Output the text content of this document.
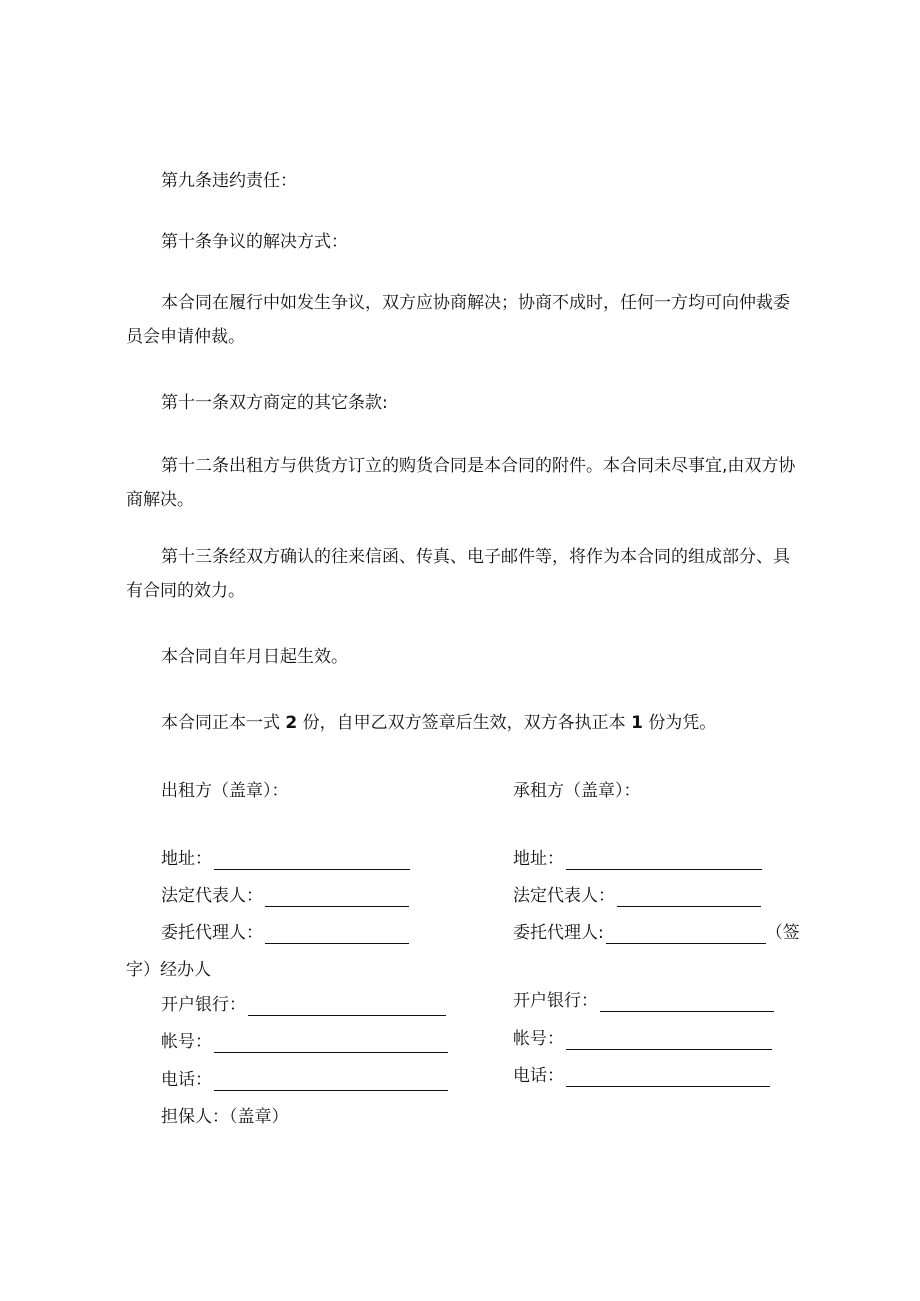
第九条违约责任：
第十条争议的解决方式：
本合同在履行中如发生争议，双方应协商解决；协商不成时，任何一方均可向仲裁委员会申请仲裁。
第十一条双方商定的其它条款:
第十二条出租方与供货方订立的购货合同是本合同的附件。本合同未尽事宜,由双方协商解决。
第十三条经双方确认的往来信函、传真、电子邮件等，将作为本合同的组成部分、具有合同的效力。
本合同自年月日起生效。
本合同正本一式 2 份，自甲乙双方签章后生效，双方各执正本 1 份为凭。
出租方（盖章）：	承租方（盖章）：
地址：	地址：
法定代表人：	法定代表人：
委托代理人：	委托代理人:	（签
字）经办人
开户银行：	开户银行：
帐号：	帐号：
电话：	电话：
担保人：（盖章）
